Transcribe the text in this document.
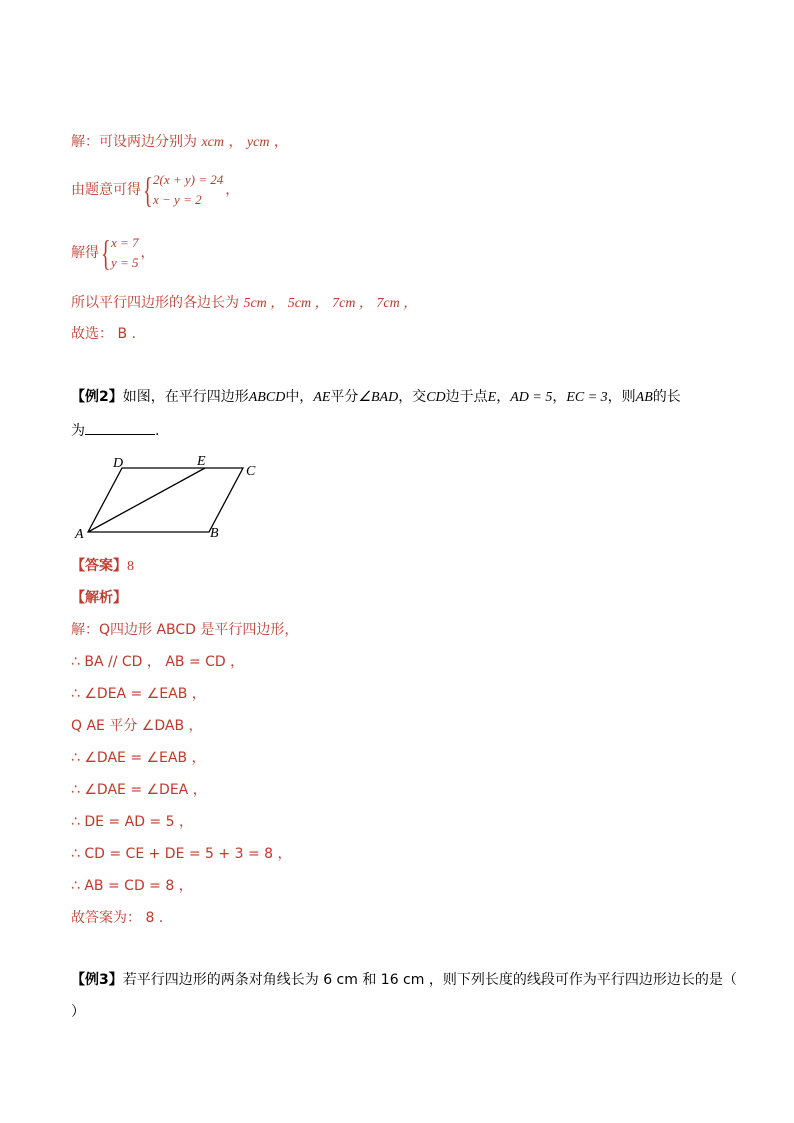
解：可设两边分别为 xcm ， ycm ，
由题意可得 { 2(x + y) = 24
x − y = 2
，
解得 { x = 7
y = 5
，
所以平行四边形的各边长为 5cm ， 5cm ， 7cm ， 7cm ，
故选： B .
【例2】如图，在平行四边形ABCD中，AE平分∠BAD，交CD边于点E，AD = 5，EC = 3，则AB的长
为	.
D	E
C
A	B
【答案】8
【解析】
解：Q四边形 ABCD 是平行四边形，
∴ BA // CD ， AB = CD ，
∴ ∠DEA = ∠EAB ，
Q AE 平分 ∠DAB ，
∴ ∠DAE = ∠EAB ，
∴ ∠DAE = ∠DEA ，
∴ DE = AD = 5 ，
∴ CD = CE + DE = 5 + 3 = 8 ，
∴ AB = CD = 8 ，
故答案为： 8 .
【例3】若平行四边形的两条对角线长为 6 cm 和 16 cm ，则下列长度的线段可作为平行四边形边长的是（
）
